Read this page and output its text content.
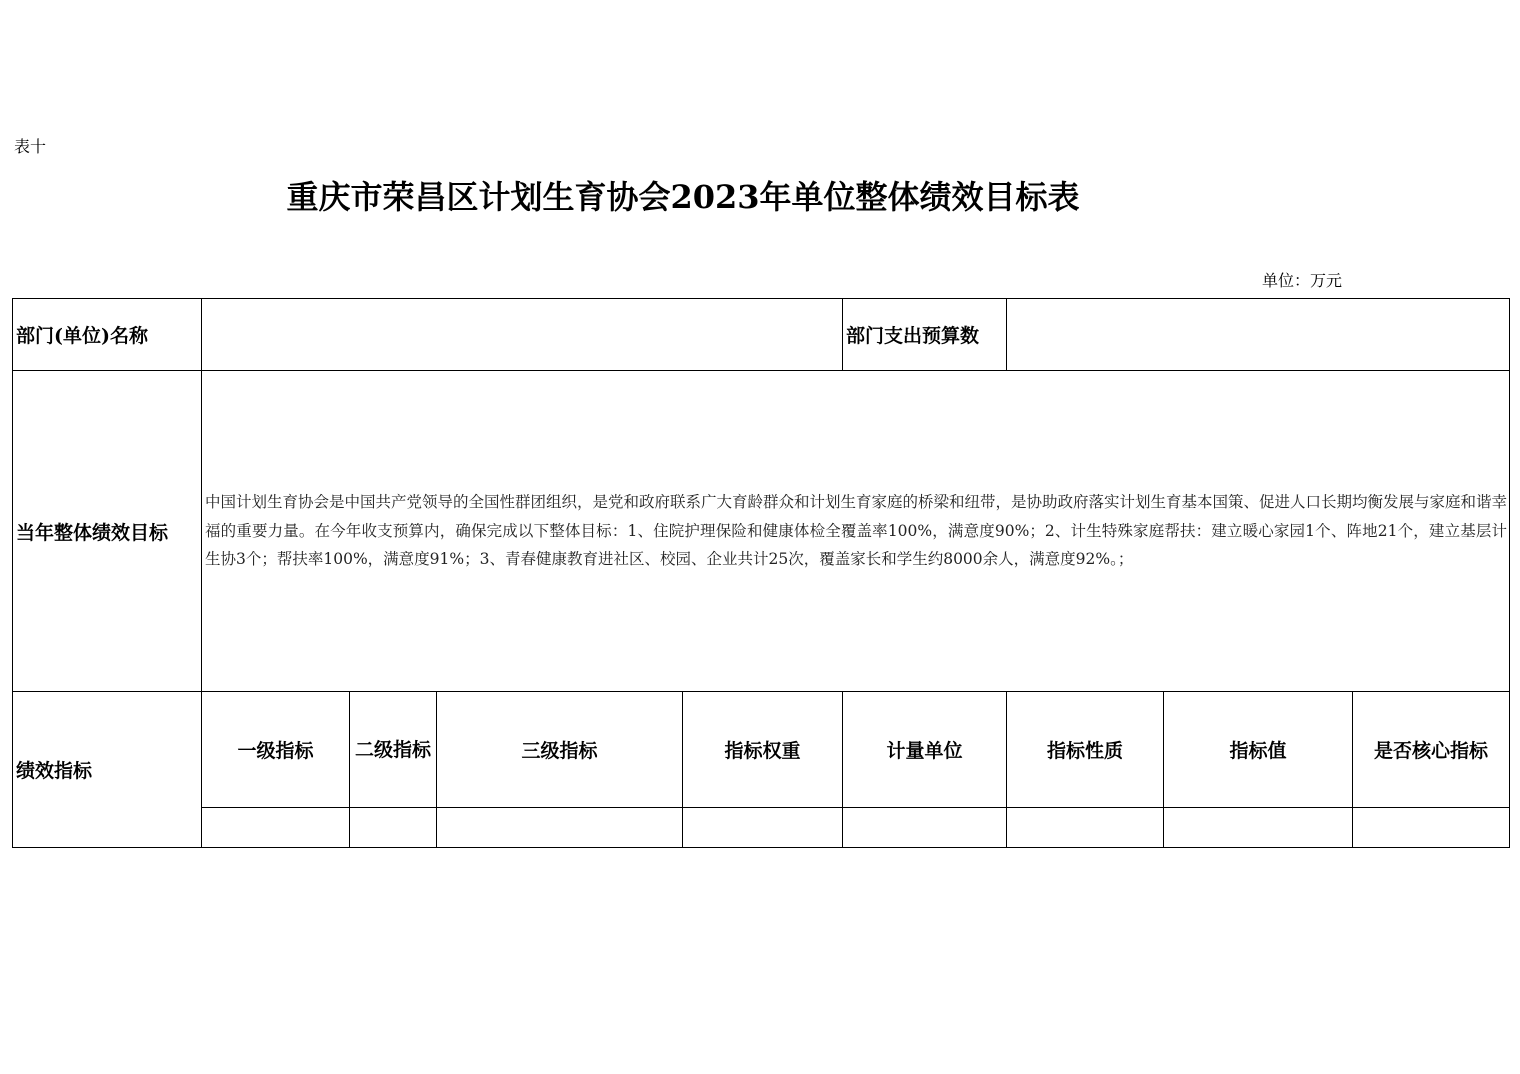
表十
重庆市荣昌区计划生育协会2023年单位整体绩效目标表
单位：万元
部门(单位)名称					部门支出预算数			
当年整体绩效目标	中国计划生育协会是中国共产党领导的全国性群团组织，是党和政府联系广大育龄群众和计划生育家庭的桥梁和纽带，是协助政府落实计划生育基本国策、促进人口长期均衡发展与家庭和谐幸福的重要力量。在今年收支预算内，确保完成以下整体目标：1、住院护理保险和健康体检全覆盖率100%，满意度90%；2、计生特殊家庭帮扶：建立暖心家园1个、阵地21个，建立基层计生协3个；帮扶率100%，满意度91%；3、青春健康教育进社区、校园、企业共计25次，覆盖家长和学生约8000余人，满意度92%。；							
绩效指标	一级指标	二级指标	三级指标	指标权重	计量单位	指标性质	指标值	是否核心指标
